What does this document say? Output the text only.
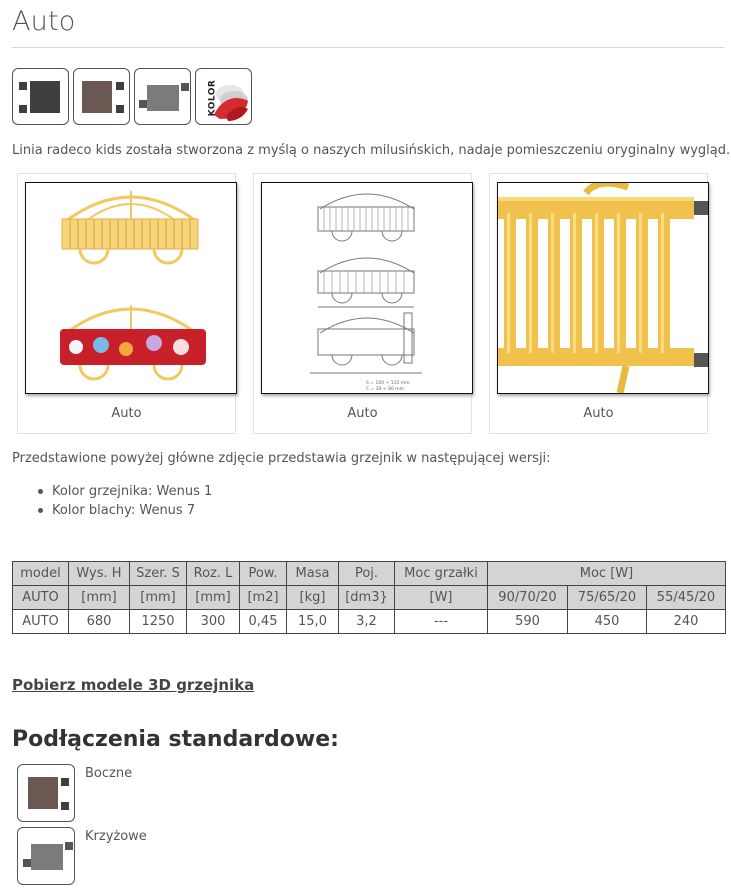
Auto
KOLOR
Linia radeco kids została stworzona z myślą o naszych milusińskich, nadaje pomieszczeniu oryginalny wygląd.
Auto
S = 100 ÷ 115 mm
C = 30 ÷ 80 mm
Auto	Auto
Przedstawione powyżej główne zdjęcie przedstawia grzejnik w następującej wersji:
Kolor grzejnika: Wenus 1
Kolor blachy: Wenus 7
model	Wys. H	Szer. S	Roz. L	Pow.	Masa	Poj.	Moc grzałki	Moc [W]		
AUTO	[mm]	[mm]	[mm]	[m2]	[kg]	[dm3}	[W]	90/70/20	75/65/20	55/45/20
AUTO	680	1250	300	0,45	15,0	3,2	---	590	450	240
Pobierz modele 3D grzejnika
Podłączenia standardowe:
Boczne
Krzyżowe
